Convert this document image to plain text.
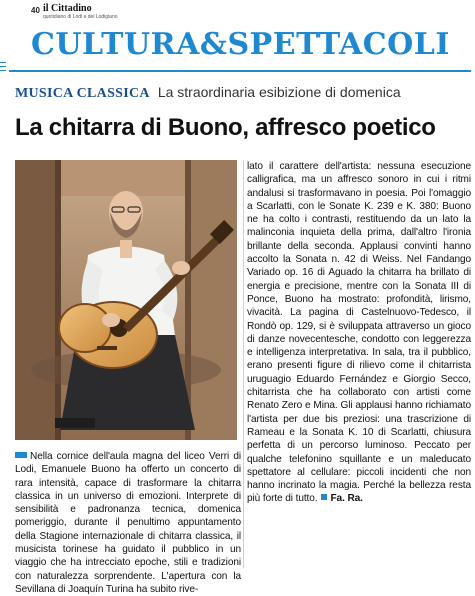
40 il Cittadino
quotidiano di Lodi e del Lodigiano
CULTURA&SPETTACOLI
MUSICA CLASSICA La straordinaria esibizione di domenica
La chitarra di Buono, affresco poetico
Nella cornice dell'aula magna del liceo Verri di Lodi, Emanuele Buono ha offerto un concerto di rara intensità, capace di trasformare la chitarra classica in un universo di emozioni. Interprete di sensibilità e padronanza tecnica, domenica pomeriggio, durante il penultimo appuntamento della Stagione internazionale di chitarra classica, il musicista torinese ha guidato il pubblico in un viaggio che ha intrecciato epoche, stili e tradizioni con naturalezza sorprendente. L'apertura con la Sevillana di Joaquín Turina ha subito rive-
lato il carattere dell'artista: nessuna esecuzione calligrafica, ma un affresco sonoro in cui i ritmi andalusi si trasformavano in poesia. Poi l'omaggio a Scarlatti, con le Sonate K. 239 e K. 380: Buono ne ha colto i contrasti, restituendo da un lato la malinconia inquieta della prima, dall'altro l'ironia brillante della seconda. Applausi convinti hanno accolto la Sonata n. 42 di Weiss. Nel Fandango Variado op. 16 di Aguado la chitarra ha brillato di energia e precisione, mentre con la Sonata III di Ponce, Buono ha mostrato: profondità, lirismo, vivacità. La pagina di Castelnuovo-Tedesco, il Rondò op. 129, si è sviluppata attraverso un gioco di danze novecentesche, condotto con leggerezza e intelligenza interpretativa. In sala, tra il pubblico, erano presenti figure di rilievo come il chitarrista uruguagio Eduardo Fernández e Giorgio Secco, chitarrista che ha collaborato con artisti come Renato Zero e Mina. Gli applausi hanno richiamato l'artista per due bis preziosi: una trascrizione di Rameau e la Sonata K. 10 di Scarlatti, chiusura perfetta di un percorso luminoso. Peccato per qualche telefonino squillante e un maleducato spettatore al cellulare: piccoli incidenti che non hanno incrinato la magia. Perché la bellezza resta più forte di tutto. Fa. Ra.
